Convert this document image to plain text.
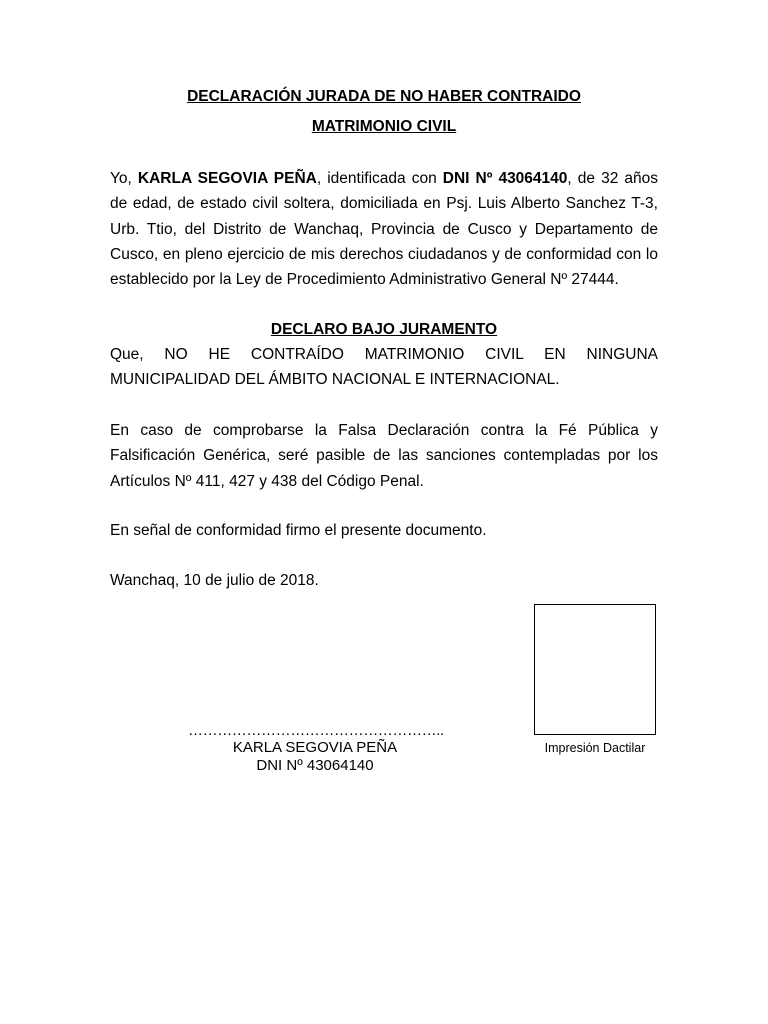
DECLARACIÓN JURADA DE NO HABER CONTRAIDO

MATRIMONIO CIVIL

Yo, KARLA SEGOVIA PEÑA, identificada con DNI Nº 43064140, de 32 años de edad, de estado civil soltera, domiciliada en Psj. Luis Alberto Sanchez T-3, Urb. Ttio, del Distrito de Wanchaq, Provincia de Cusco y Departamento de Cusco, en pleno ejercicio de mis derechos ciudadanos y de conformidad con lo establecido por la Ley de Procedimiento Administrativo General Nº 27444.

DECLARO BAJO JURAMENTO

Que, NO HE CONTRAÍDO MATRIMONIO CIVIL EN NINGUNA MUNICIPALIDAD DEL ÁMBITO NACIONAL E INTERNACIONAL.

En caso de comprobarse la Falsa Declaración contra la Fé Pública y Falsificación Genérica, seré pasible de las sanciones contempladas por los Artículos Nº 411, 427 y 438 del Código Penal.

En señal de conformidad firmo el presente documento.

Wanchaq, 10 de julio de 2018.

Impresión Dactilar
……………………………………………..
KARLA SEGOVIA PEÑA
DNI Nº 43064140
